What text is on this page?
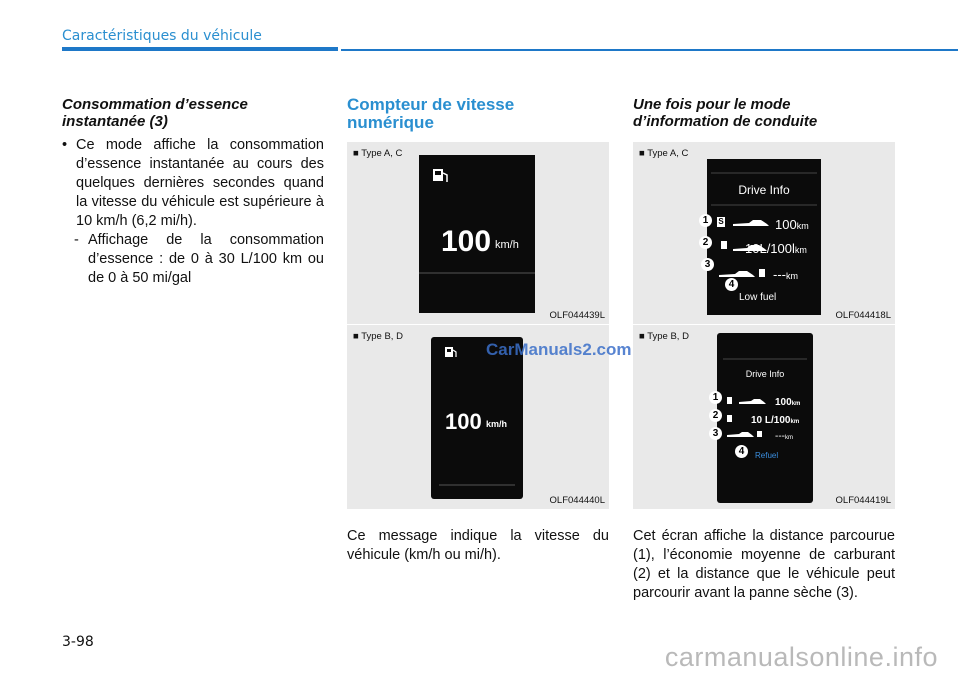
Caractéristiques du véhicule
Consommation d’essence
instantanée (3)
• Ce mode affiche la consommation d’essence instantanée au cours des quelques dernières secondes quand la vitesse du véhicule est supérieure à 10 km/h (6,2 mi/h).
- Affichage de la consommation d’essence : de 0 à 30 L/100 km ou de 0 à 50 mi/gal
Compteur de vitesse
numérique
■ Type A, C
100 km/h
OLF044439L
■ Type B, D
100 km/h
OLF044440L
CarManuals2.com
Ce message indique la vitesse du véhicule (km/h ou mi/h).
Une fois pour le mode
d’information de conduite
■ Type A, C
Drive Info
S	100km
10L/100lkm
---km
Low fuel
1
2
3
4
OLF044418L
■ Type B, D
Drive Info
100km
10 L/100km
---km
Refuel
1
2
3
4
OLF044419L
Cet écran affiche la distance parcourue (1), l’économie moyenne de carburant (2) et la distance que le véhicule peut parcourir avant la panne sèche (3).
3-98	carmanualsonline.info
